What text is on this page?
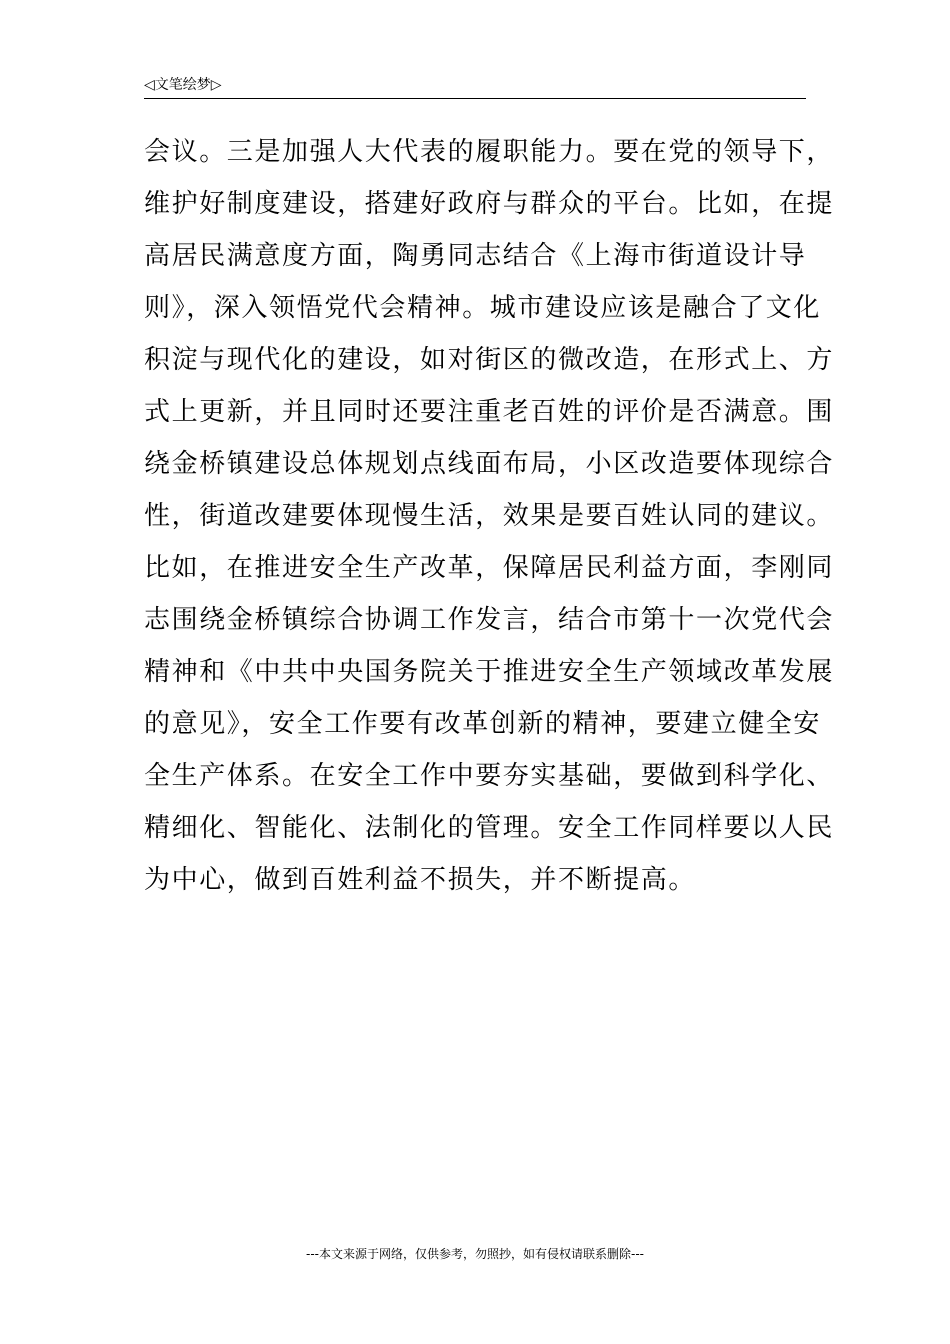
◁文笔绘梦▷
会议。三是加强人大代表的履职能力。要在党的领导下，
维护好制度建设，搭建好政府与群众的平台。比如，在提
高居民满意度方面，陶勇同志结合《上海市街道设计导
则》，深入领悟党代会精神。城市建设应该是融合了文化
积淀与现代化的建设，如对街区的微改造，在形式上、方
式上更新，并且同时还要注重老百姓的评价是否满意。围
绕金桥镇建设总体规划点线面布局，小区改造要体现综合
性，街道改建要体现慢生活，效果是要百姓认同的建议。
比如，在推进安全生产改革，保障居民利益方面，李刚同
志围绕金桥镇综合协调工作发言，结合市第十一次党代会
精神和《中共中央国务院关于推进安全生产领域改革发展
的意见》，安全工作要有改革创新的精神，要建立健全安
全生产体系。在安全工作中要夯实基础，要做到科学化、
精细化、智能化、法制化的管理。安全工作同样要以人民
为中心，做到百姓利益不损失，并不断提高。
---本文来源于网络，仅供参考，勿照抄，如有侵权请联系删除---
